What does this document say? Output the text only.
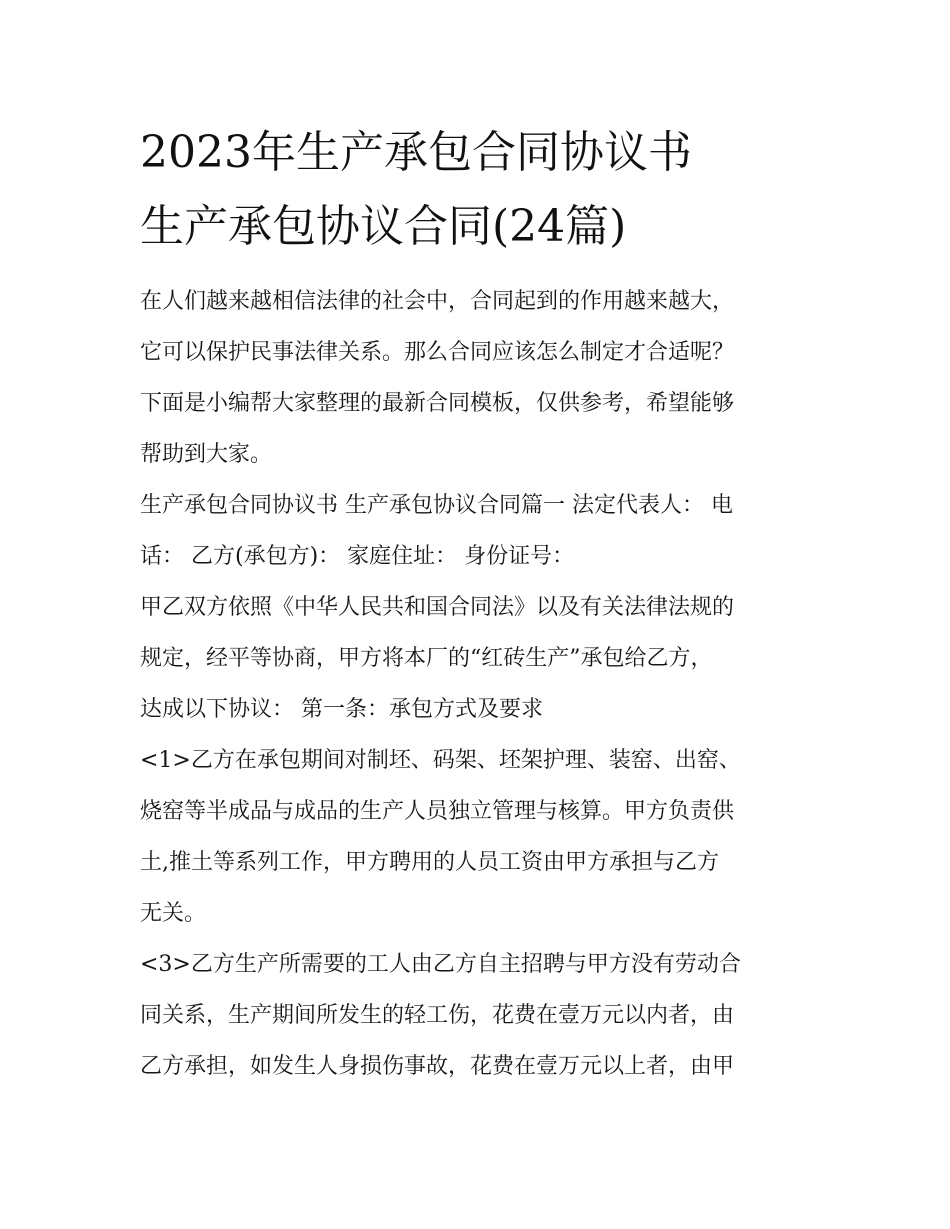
2023年生产承包合同协议书
生产承包协议合同(24篇)
在人们越来越相信法律的社会中，合同起到的作用越来越大，
它可以保护民事法律关系。那么合同应该怎么制定才合适呢？
下面是小编帮大家整理的最新合同模板，仅供参考，希望能够
帮助到大家。
生产承包合同协议书 生产承包协议合同篇一 法定代表人： 电
话： 乙方(承包方)： 家庭住址： 身份证号：
甲乙双方依照《中华人民共和国合同法》以及有关法律法规的
规定，经平等协商，甲方将本厂的“红砖生产”承包给乙方，
达成以下协议： 第一条：承包方式及要求
<1>乙方在承包期间对制坯、码架、坯架护理、装窑、出窑、
烧窑等半成品与成品的生产人员独立管理与核算。甲方负责供
土,推土等系列工作，甲方聘用的人员工资由甲方承担与乙方
无关。
<3>乙方生产所需要的工人由乙方自主招聘与甲方没有劳动合
同关系，生产期间所发生的轻工伤，花费在壹万元以内者，由
乙方承担，如发生人身损伤事故，花费在壹万元以上者，由甲
